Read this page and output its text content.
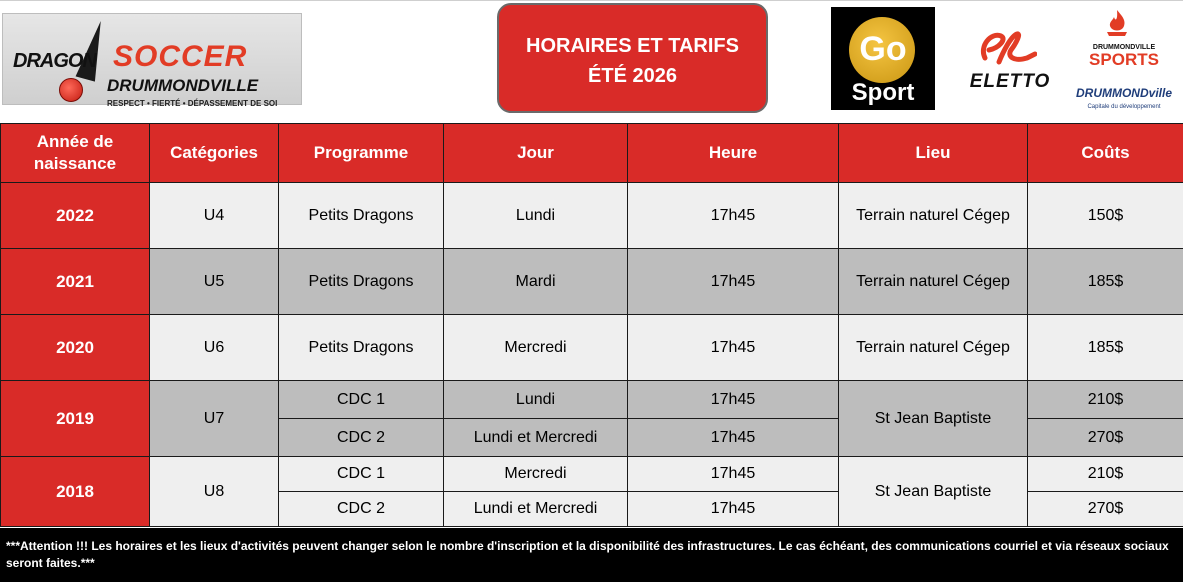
DRAGON SOCCER
DRUMMONDVILLE
RESPECT • FIERTÉ • DÉPASSEMENT DE SOI
HORAIRES ET TARIFS
ÉTÉ 2026
Go
Sport	ELETTO
DRUMMONDVILLE
SPORTS
DRUMMONDville
Capitale du développement
Année de naissance	Catégories	Programme	Jour	Heure	Lieu	Coûts
2022	U4	Petits Dragons	Lundi	17h45	Terrain naturel Cégep	150$
2021	U5	Petits Dragons	Mardi	17h45	Terrain naturel Cégep	185$
2020	U6	Petits Dragons	Mercredi	17h45	Terrain naturel Cégep	185$
2019	U7	CDC 1	Lundi	17h45	St Jean Baptiste	210$
		CDC 2	Lundi et Mercredi	17h45		270$
2018	U8	CDC 1	Mercredi	17h45	St Jean Baptiste	210$
		CDC 2	Lundi et Mercredi	17h45		270$
***Attention !!! Les horaires et les lieux d'activités peuvent changer selon le nombre d'inscription et la disponibilité des infrastructures. Le cas échéant, des communications courriel et via réseaux sociaux seront faites.***
